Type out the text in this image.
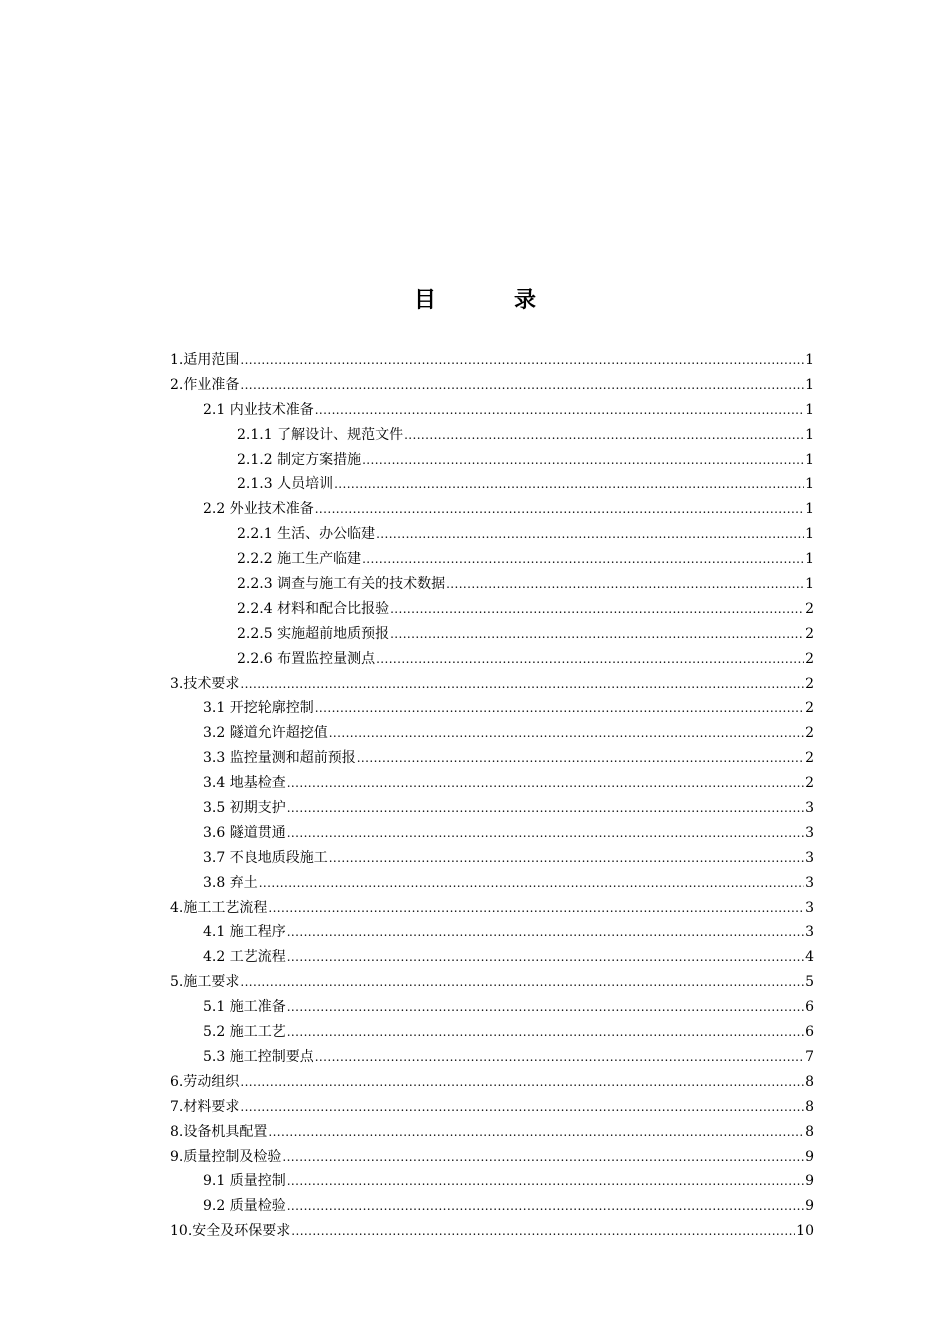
目　录
1.适用范围 .....	1
2.作业准备 .....	1
2.1 内业技术准备 .....	1
2.1.1 了解设计、规范文件 .....	1
2.1.2 制定方案措施 .....	1
2.1.3 人员培训 .....	1
2.2 外业技术准备 .....	1
2.2.1 生活、办公临建 .....	1
2.2.2 施工生产临建 .....	1
2.2.3 调查与施工有关的技术数据 .....	1
2.2.4 材料和配合比报验 .....	2
2.2.5 实施超前地质预报 .....	2
2.2.6 布置监控量测点 .....	2
3.技术要求 .....	2
3.1 开挖轮廓控制 .....	2
3.2 隧道允许超挖值 .....	2
3.3 监控量测和超前预报 .....	2
3.4 地基检查 .....	2
3.5 初期支护 .....	3
3.6 隧道贯通 .....	3
3.7 不良地质段施工 .....	3
3.8 弃土 .....	3
4.施工工艺流程 .....	3
4.1 施工程序 .....	3
4.2 工艺流程 .....	4
5.施工要求 .....	5
5.1 施工准备 .....	6
5.2 施工工艺 .....	6
5.3 施工控制要点 .....	7
6.劳动组织 .....	8
7.材料要求 .....	8
8.设备机具配置 .....	8
9.质量控制及检验 .....	9
9.1 质量控制 .....	9
9.2 质量检验 .....	9
10.安全及环保要求 .....	10
